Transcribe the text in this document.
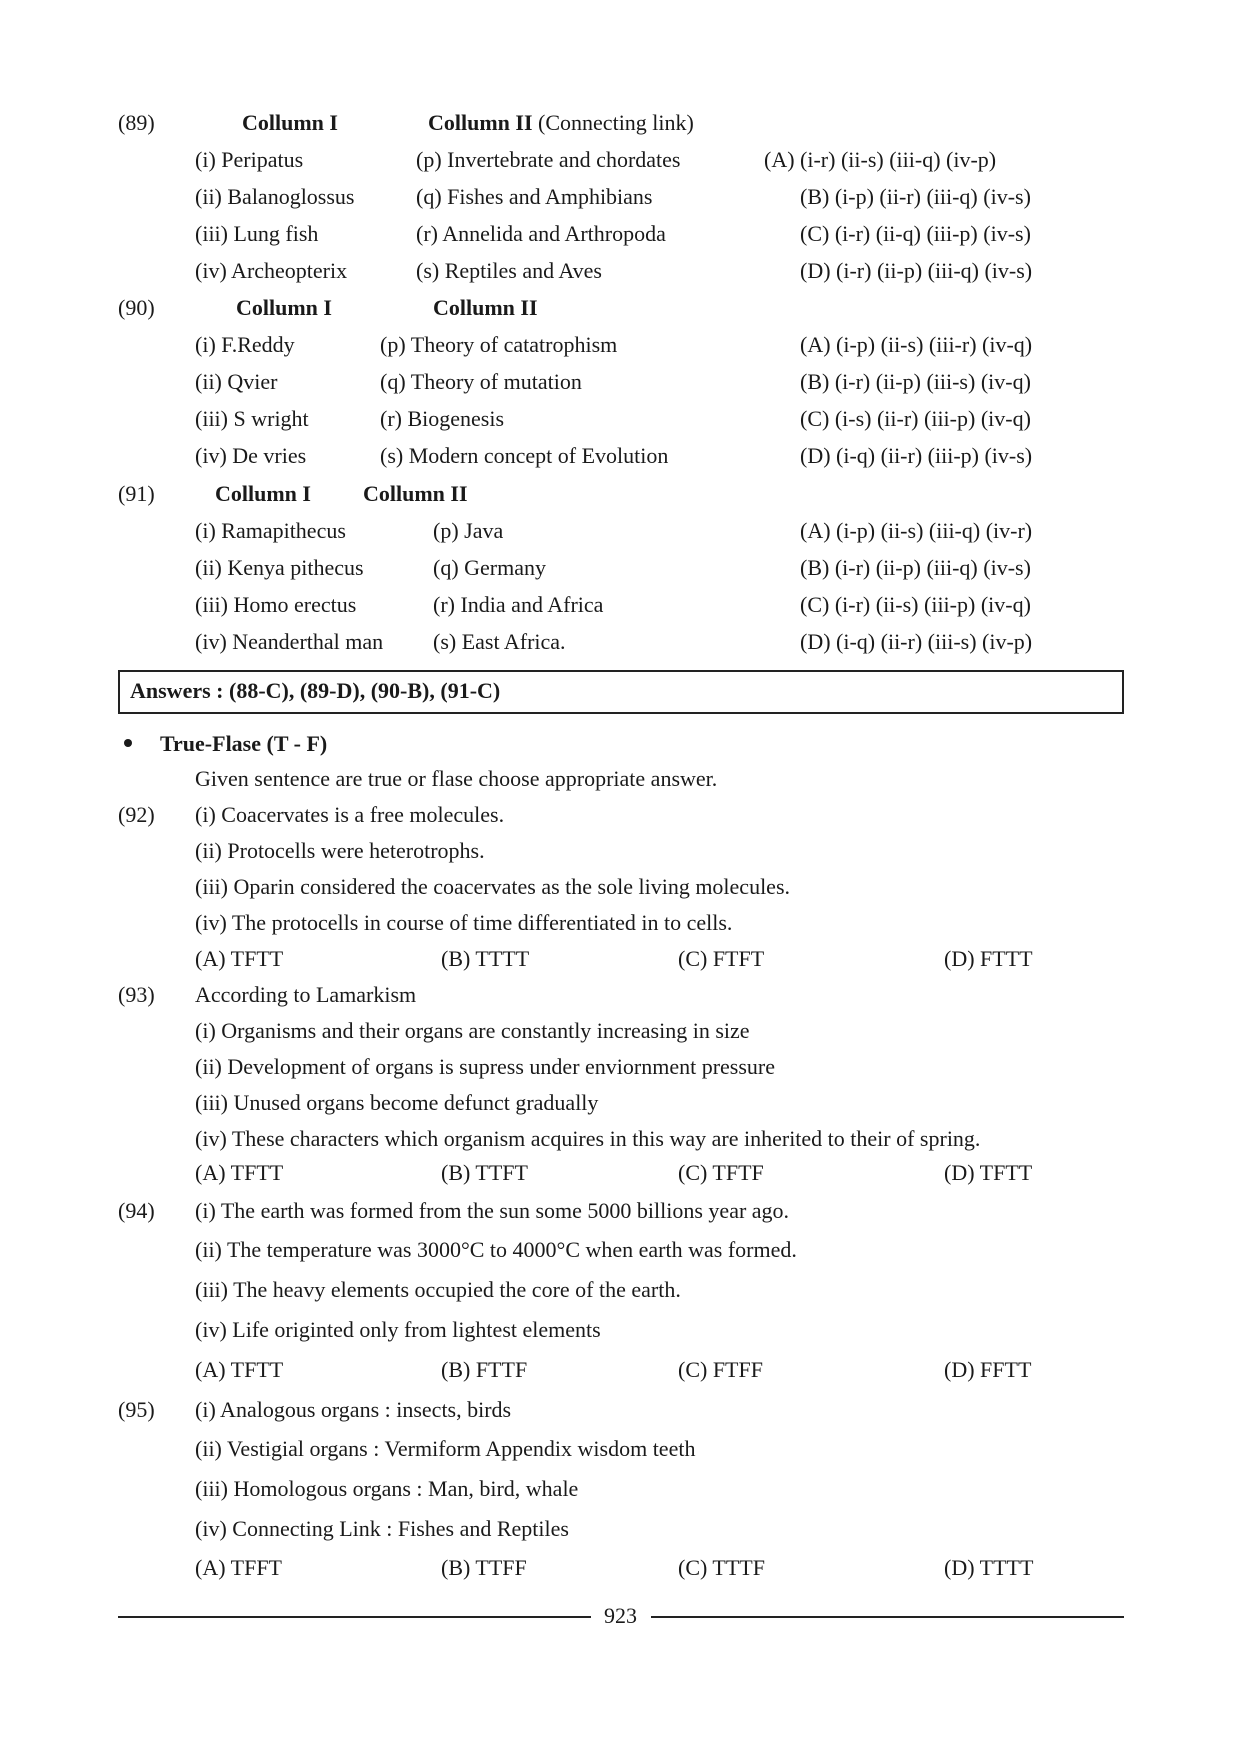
(89)	Collumn I	Collumn II (Connecting link)
(i) Peripatus	(p) Invertebrate and chordates	(A) (i-r) (ii-s) (iii-q) (iv-p)
(ii) Balanoglossus	(q) Fishes and Amphibians	(B) (i-p) (ii-r) (iii-q) (iv-s)
(iii) Lung fish	(r) Annelida and Arthropoda	(C) (i-r) (ii-q) (iii-p) (iv-s)
(iv) Archeopterix	(s) Reptiles and Aves	(D) (i-r) (ii-p) (iii-q) (iv-s)
(90)	Collumn I	Collumn II
(i) F.Reddy	(p) Theory of catatrophism	(A) (i-p) (ii-s) (iii-r) (iv-q)
(ii) Qvier	(q) Theory of mutation	(B) (i-r) (ii-p) (iii-s) (iv-q)
(iii) S wright	(r) Biogenesis	(C) (i-s) (ii-r) (iii-p) (iv-q)
(iv) De vries	(s) Modern concept of Evolution	(D) (i-q) (ii-r) (iii-p) (iv-s)
(91)	Collumn I Collumn II
(i) Ramapithecus	(p) Java	(A) (i-p) (ii-s) (iii-q) (iv-r)
(ii) Kenya pithecus	(q) Germany	(B) (i-r) (ii-p) (iii-q) (iv-s)
(iii) Homo erectus	(r) India and Africa	(C) (i-r) (ii-s) (iii-p) (iv-q)
(iv) Neanderthal man (s) East Africa.	(D) (i-q) (ii-r) (iii-s) (iv-p)
Answers : (88-C), (89-D), (90-B), (91-C)
True-Flase (T - F)
Given sentence are true or flase choose appropriate answer.
(92) (i) Coacervates is a free molecules.
(ii) Protocells were heterotrophs.
(iii) Oparin considered the coacervates as the sole living molecules.
(iv) The protocells in course of time differentiated in to cells.
(A) TFTT	(B) TTTT	(C) FTFT	(D) FTTT
(93) According to Lamarkism
(i) Organisms and their organs are constantly increasing in size
(ii) Development of organs is supress under enviornment pressure
(iii) Unused organs become defunct gradually
(iv) These characters which organism acquires in this way are inherited to their of spring.
(A) TFTT	(B) TTFT	(C) TFTF	(D) TFTT
(94) (i) The earth was formed from the sun some 5000 billions year ago.
(ii) The temperature was 3000°C to 4000°C when earth was formed.
(iii) The heavy elements occupied the core of the earth.
(iv) Life originted only from lightest elements
(A) TFTT	(B) FTTF	(C) FTFF	(D) FFTT
(95) (i) Analogous organs : insects, birds
(ii) Vestigial organs : Vermiform Appendix wisdom teeth
(iii) Homologous organs : Man, bird, whale
(iv) Connecting Link : Fishes and Reptiles
(A) TFFT	(B) TTFF	(C) TTTF	(D) TTTT
923
